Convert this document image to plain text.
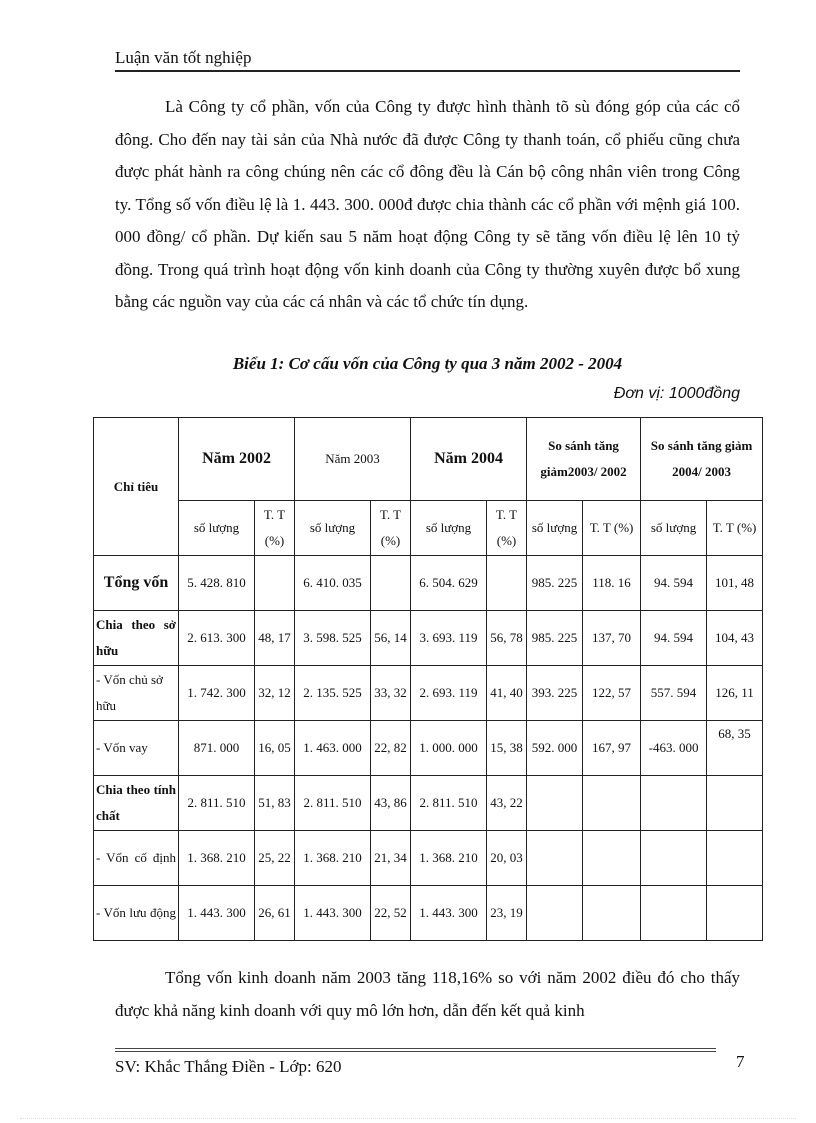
Luận văn tốt nghiệp

Là Công ty cổ phần, vốn của Công ty được hình thành tõ sù đóng góp của các cổ đông. Cho đến nay tài sản của Nhà nước đã được Công ty thanh toán, cổ phiếu cũng chưa được phát hành ra công chúng nên các cổ đông đều là Cán bộ công nhân viên trong Công ty. Tổng số vốn điều lệ là 1. 443. 300. 000đ được chia thành các cổ phần với mệnh giá 100. 000 đồng/ cổ phần. Dự kiến sau 5 năm hoạt động Công ty sẽ tăng vốn điều lệ lên 10 tỷ đồng. Trong quá trình hoạt động vốn kinh doanh của Công ty thường xuyên được bổ xung bằng các nguồn vay của các cá nhân và các tổ chức tín dụng.

Biểu 1: Cơ cấu vốn của Công ty qua 3 năm 2002 - 2004
Đơn vị: 1000đồng
Chỉ tiêu	Năm 2002		Năm 2003		Năm 2004		So sánh tăng giảm2003/ 2002		So sánh tăng giảm 2004/ 2003	
	số lượng	T. T (%)	số lượng	T. T (%)	số lượng	T. T (%)	số lượng	T. T (%)	số lượng	T. T (%)
Tổng vốn	5. 428. 810		6. 410. 035		6. 504. 629		985. 225	118. 16	94. 594	101, 48
Chia theo sở hữu	2. 613. 300	48, 17	3. 598. 525	56, 14	3. 693. 119	56, 78	985. 225	137, 70	94. 594	104, 43
- Vốn chủ sở hữu	1. 742. 300	32, 12	2. 135. 525	33, 32	2. 693. 119	41, 40	393. 225	122, 57	557. 594	126, 11
- Vốn vay	871. 000	16, 05	1. 463. 000	22, 82	1. 000. 000	15, 38	592. 000	167, 97	-463. 000	68, 35
Chia theo tính chất	2. 811. 510	51, 83	2. 811. 510	43, 86	2. 811. 510	43, 22				
- Vốn cố định	1. 368. 210	25, 22	1. 368. 210	21, 34	1. 368. 210	20, 03				
- Vốn lưu động	1. 443. 300	26, 61	1. 443. 300	22, 52	1. 443. 300	23, 19				

Tổng vốn kinh doanh năm 2003 tăng 118,16% so với năm 2002 điều đó cho thấy được khả năng kinh doanh với quy mô lớn hơn, dẫn đến kết quả kinh

SV: Khắc Thắng Điền - Lớp: 620	7
